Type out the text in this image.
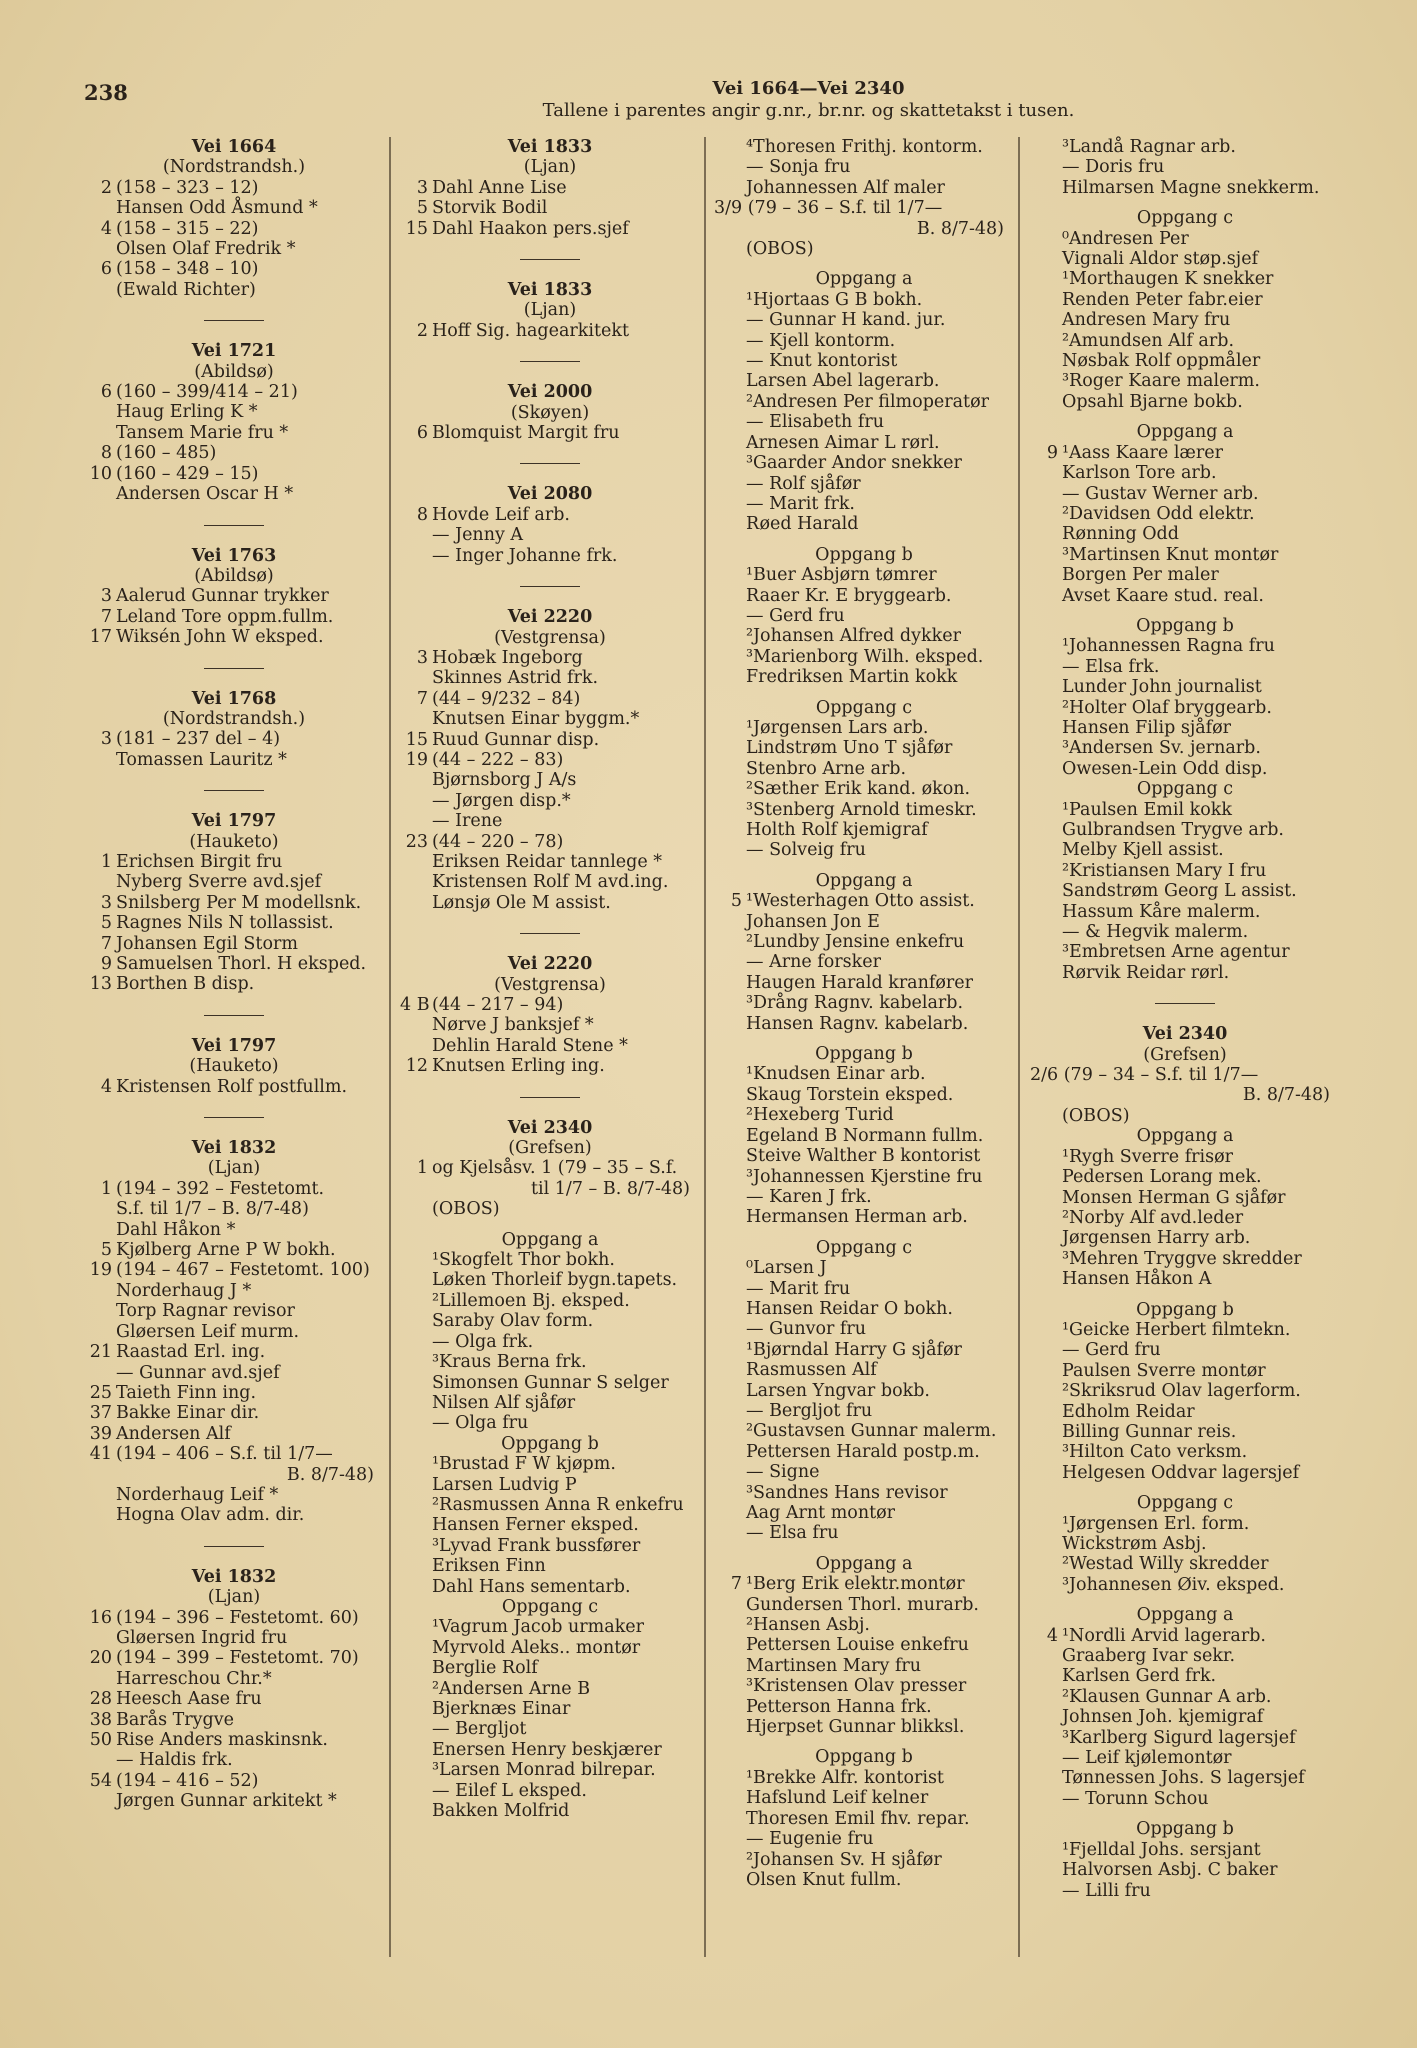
238	Vei 1664—Vei 2340
Tallene i parentes angir g.nr., br.nr. og skattetakst i tusen.
Vei 1664
(Nordstrandsh.)
2 (158 – 323 – 12)
Hansen Odd Åsmund *
4 (158 – 315 – 22)
Olsen Olaf Fredrik *
6 (158 – 348 – 10)
(Ewald Richter)
Vei 1721
(Abildsø)
6 (160 – 399/414 – 21)
Haug Erling K *
Tansem Marie fru *
8 (160 – 485)
10 (160 – 429 – 15)
Andersen Oscar H *
Vei 1763
(Abildsø)
3 Aalerud Gunnar trykker
7 Leland Tore oppm.fullm.
17 Wiksén John W eksped.
Vei 1768
(Nordstrandsh.)
3 (181 – 237 del – 4)
Tomassen Lauritz *
Vei 1797
(Hauketo)
1 Erichsen Birgit fru
Nyberg Sverre avd.sjef
3 Snilsberg Per M modellsnk.
5 Ragnes Nils N tollassist.
7 Johansen Egil Storm
9 Samuelsen Thorl. H eksped.
13 Borthen B disp.
Vei 1797
(Hauketo)
4 Kristensen Rolf postfullm.
Vei 1832
(Ljan)
1 (194 – 392 – Festetomt.
S.f. til 1/7 – B. 8/7-48)
Dahl Håkon *
5 Kjølberg Arne P W bokh.
19 (194 – 467 – Festetomt. 100)
Norderhaug J *
Torp Ragnar revisor
Gløersen Leif murm.
21 Raastad Erl. ing.
— Gunnar avd.sjef
25 Taieth Finn ing.
37 Bakke Einar dir.
39 Andersen Alf
41 (194 – 406 – S.f. til 1/7—
B. 8/7-48)
Norderhaug Leif *
Hogna Olav adm. dir.
Vei 1832
(Ljan)
16 (194 – 396 – Festetomt. 60)
Gløersen Ingrid fru
20 (194 – 399 – Festetomt. 70)
Harreschou Chr.*
28 Heesch Aase fru
38 Barås Trygve
50 Rise Anders maskinsnk.
— Haldis frk.
54 (194 – 416 – 52)
Jørgen Gunnar arkitekt *
Vei 1833
(Ljan)
3 Dahl Anne Lise
5 Storvik Bodil
15 Dahl Haakon pers.sjef
Vei 1833
(Ljan)
2 Hoff Sig. hagearkitekt
Vei 2000
(Skøyen)
6 Blomquist Margit fru
Vei 2080
8 Hovde Leif arb.
— Jenny A
— Inger Johanne frk.
Vei 2220
(Vestgrensa)
3 Hobæk Ingeborg
Skinnes Astrid frk.
7 (44 – 9/232 – 84)
Knutsen Einar byggm.*
15 Ruud Gunnar disp.
19 (44 – 222 – 83)
Bjørnsborg J A/s
— Jørgen disp.*
— Irene
23 (44 – 220 – 78)
Eriksen Reidar tannlege *
Kristensen Rolf M avd.ing.
Lønsjø Ole M assist.
Vei 2220
(Vestgrensa)
4 B (44 – 217 – 94)
Nørve J banksjef *
Dehlin Harald Stene *
12 Knutsen Erling ing.
Vei 2340
(Grefsen)
1 og Kjelsåsv. 1 (79 – 35 – S.f.
til 1/7 – B. 8/7-48)
(OBOS)
Oppgang a
¹Skogfelt Thor bokh.
Løken Thorleif bygn.tapets.
²Lillemoen Bj. eksped.
Saraby Olav form.
— Olga frk.
³Kraus Berna frk.
Simonsen Gunnar S selger
Nilsen Alf sjåfør
— Olga fru
Oppgang b
¹Brustad F W kjøpm.
Larsen Ludvig P
²Rasmussen Anna R enkefru
Hansen Ferner eksped.
³Lyvad Frank bussfører
Eriksen Finn
Dahl Hans sementarb.
Oppgang c
¹Vagrum Jacob urmaker
Myrvold Aleks.. montør
Berglie Rolf
²Andersen Arne B
Bjerknæs Einar
— Bergljot
Enersen Henry beskjærer
³Larsen Monrad bilrepar.
— Eilef L eksped.
Bakken Molfrid
⁴Thoresen Frithj. kontorm.
— Sonja fru
Johannessen Alf maler
3/9 (79 – 36 – S.f. til 1/7—
B. 8/7-48)
(OBOS)
Oppgang a
¹Hjortaas G B bokh.
— Gunnar H kand. jur.
— Kjell kontorm.
— Knut kontorist
Larsen Abel lagerarb.
²Andresen Per filmoperatør
— Elisabeth fru
Arnesen Aimar L rørl.
³Gaarder Andor snekker
— Rolf sjåfør
— Marit frk.
Røed Harald
Oppgang b
¹Buer Asbjørn tømrer
Raaer Kr. E bryggearb.
— Gerd fru
²Johansen Alfred dykker
³Marienborg Wilh. eksped.
Fredriksen Martin kokk
Oppgang c
¹Jørgensen Lars arb.
Lindstrøm Uno T sjåfør
Stenbro Arne arb.
²Sæther Erik kand. økon.
³Stenberg Arnold timeskr.
Holth Rolf kjemigraf
— Solveig fru
Oppgang a
5 ¹Westerhagen Otto assist.
Johansen Jon E
²Lundby Jensine enkefru
— Arne forsker
Haugen Harald kranfører
³Drång Ragnv. kabelarb.
Hansen Ragnv. kabelarb.
Oppgang b
¹Knudsen Einar arb.
Skaug Torstein eksped.
²Hexeberg Turid
Egeland B Normann fullm.
Steive Walther B kontorist
³Johannessen Kjerstine fru
— Karen J frk.
Hermansen Herman arb.
Oppgang c
⁰Larsen J
— Marit fru
Hansen Reidar O bokh.
— Gunvor fru
¹Bjørndal Harry G sjåfør
Rasmussen Alf
Larsen Yngvar bokb.
— Bergljot fru
²Gustavsen Gunnar malerm.
Pettersen Harald postp.m.
— Signe
³Sandnes Hans revisor
Aag Arnt montør
— Elsa fru
Oppgang a
7 ¹Berg Erik elektr.montør
Gundersen Thorl. murarb.
²Hansen Asbj.
Pettersen Louise enkefru
Martinsen Mary fru
³Kristensen Olav presser
Petterson Hanna frk.
Hjerpset Gunnar blikksl.
Oppgang b
¹Brekke Alfr. kontorist
Hafslund Leif kelner
Thoresen Emil fhv. repar.
— Eugenie fru
²Johansen Sv. H sjåfør
Olsen Knut fullm.
³Landå Ragnar arb.
— Doris fru
Hilmarsen Magne snekkerm.
Oppgang c
⁰Andresen Per
Vignali Aldor støp.sjef
¹Morthaugen K snekker
Renden Peter fabr.eier
Andresen Mary fru
²Amundsen Alf arb.
Nøsbak Rolf oppmåler
³Roger Kaare malerm.
Opsahl Bjarne bokb.
Oppgang a
9 ¹Aass Kaare lærer
Karlson Tore arb.
— Gustav Werner arb.
²Davidsen Odd elektr.
Rønning Odd
³Martinsen Knut montør
Borgen Per maler
Avset Kaare stud. real.
Oppgang b
¹Johannessen Ragna fru
— Elsa frk.
Lunder John journalist
²Holter Olaf bryggearb.
Hansen Filip sjåfør
³Andersen Sv. jernarb.
Owesen-Lein Odd disp.
Oppgang c
¹Paulsen Emil kokk
Gulbrandsen Trygve arb.
Melby Kjell assist.
²Kristiansen Mary I fru
Sandstrøm Georg L assist.
Hassum Kåre malerm.
— & Hegvik malerm.
³Embretsen Arne agentur
Rørvik Reidar rørl.
Vei 2340
(Grefsen)
2/6 (79 – 34 – S.f. til 1/7—
B. 8/7-48)
(OBOS)
Oppgang a
¹Rygh Sverre frisør
Pedersen Lorang mek.
Monsen Herman G sjåfør
²Norby Alf avd.leder
Jørgensen Harry arb.
³Mehren Tryggve skredder
Hansen Håkon A
Oppgang b
¹Geicke Herbert filmtekn.
— Gerd fru
Paulsen Sverre montør
²Skriksrud Olav lagerform.
Edholm Reidar
Billing Gunnar reis.
³Hilton Cato verksm.
Helgesen Oddvar lagersjef
Oppgang c
¹Jørgensen Erl. form.
Wickstrøm Asbj.
²Westad Willy skredder
³Johannesen Øiv. eksped.
Oppgang a
4 ¹Nordli Arvid lagerarb.
Graaberg Ivar sekr.
Karlsen Gerd frk.
²Klausen Gunnar A arb.
Johnsen Joh. kjemigraf
³Karlberg Sigurd lagersjef
— Leif kjølemontør
Tønnessen Johs. S lagersjef
— Torunn Schou
Oppgang b
¹Fjelldal Johs. sersjant
Halvorsen Asbj. C baker
— Lilli fru
